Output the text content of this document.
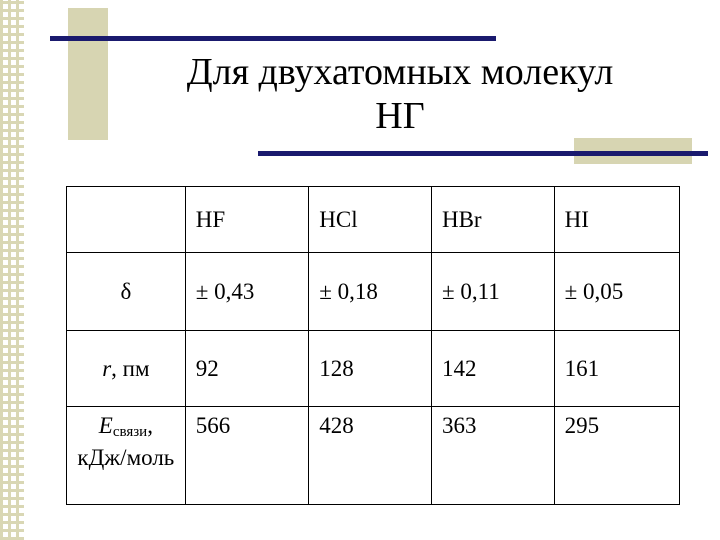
Для двухатомных молекул
НГ
	HF	HCl	HBr	HI
δ	± 0,43	± 0,18	± 0,11	± 0,05
r, пм	92	128	142	161
$E_{связи}$,
кДж/моль	566	428	363	295
